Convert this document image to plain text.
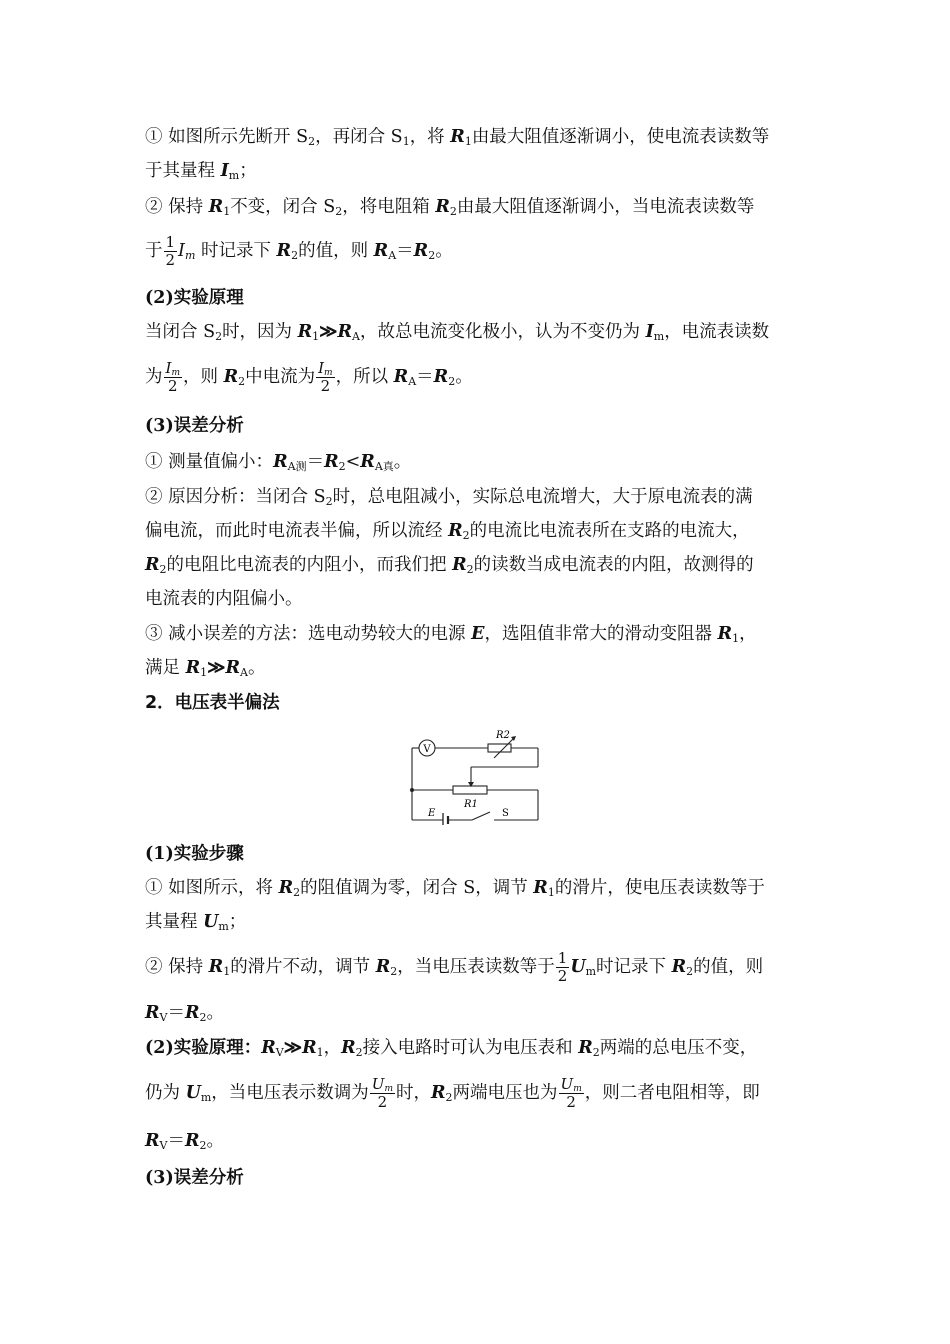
① 如图所示先断开 $S_2$，再闭合 $S_1$，将 $R_1$由最大阻值逐渐调小，使电流表读数等
于其量程 $I_m$；
② 保持 $R_1$不变，闭合 $S_2$，将电阻箱 $R_2$由最大阻值逐渐调小，当电流表读数等
于 $\frac{1}{2} I_m$ 时记录下 $R_2$的值，则 $R_A=R_2$。
(2)实验原理
当闭合 $S_2$时，因为 $R_1≫R_A$，故总电流变化极小，认为不变仍为 $I_m$，电流表读数
为 $\frac{I_m}{2}$ ，则 $R_2$中电流为 $\frac{I_m}{2}$ ，所以 $R_A=R_2$。
(3)误差分析
① 测量值偏小：$R_{A测}=R_2<R_{A真}$。
② 原因分析：当闭合 $S_2$时，总电阻减小，实际总电流增大，大于原电流表的满
偏电流，而此时电流表半偏，所以流经 $R_2$的电流比电流表所在支路的电流大，
$R_2$的电阻比电流表的内阻小，而我们把 $R_2$的读数当成电流表的内阻，故测得的
电流表的内阻偏小。
③ 减小误差的方法：选电动势较大的电源 E，选阻值非常大的滑动变阻器 $R_1$，
满足 $R_1≫R_A$。
2．电压表半偏法
V
R2
R1
E	S
(1)实验步骤
① 如图所示，将 $R_2$的阻值调为零，闭合 S，调节 $R_1$的滑片，使电压表读数等于
其量程 $U_m$；
② 保持 $R_1$的滑片不动，调节 $R_2$，当电压表读数等于 $\frac{1}{2} U_m$时记录下 $R_2$的值，则
$R_V=R_2$。
(2)实验原理：$R_V≫R_1$，$R_2$接入电路时可认为电压表和 $R_2$两端的总电压不变，
仍为 $U_m$，当电压表示数调为 $\frac{U_m}{2}$ 时，$R_2$两端电压也为 $\frac{U_m}{2}$ ，则二者电阻相等，即
$R_V=R_2$。
(3)误差分析
